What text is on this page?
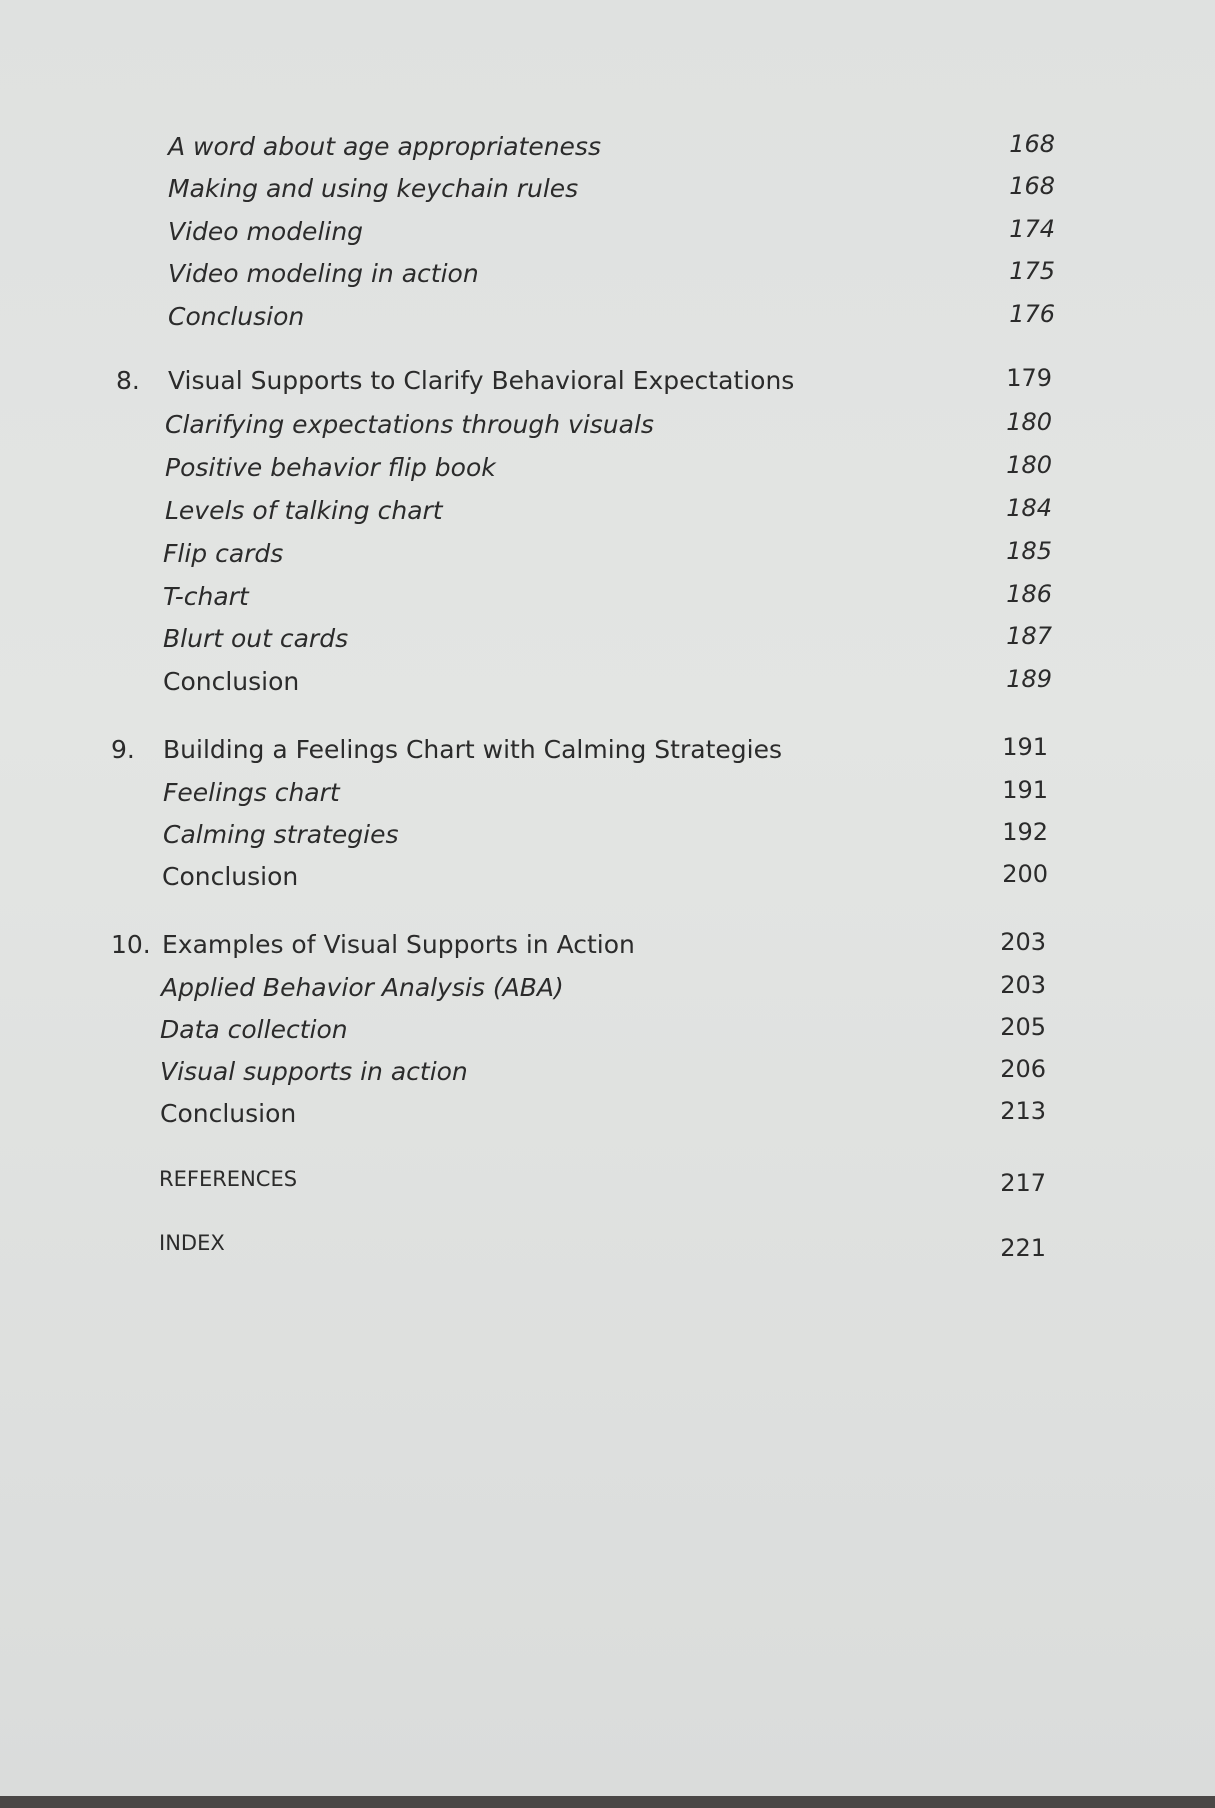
A word about age appropriateness	168
Making and using keychain rules	168
Video modeling	174
Video modeling in action	175
Conclusion	176
8. Visual Supports to Clarify Behavioral Expectations	179
Clarifying expectations through visuals	180
Positive behavior flip book	180
Levels of talking chart	184
Flip cards	185
T-chart	186
Blurt out cards	187
Conclusion	189
9. Building a Feelings Chart with Calming Strategies	191
Feelings chart	191
Calming strategies	192
Conclusion	200
10. Examples of Visual Supports in Action	203
Applied Behavior Analysis (ABA)	203
Data collection	205
Visual supports in action	206
Conclusion	213
REFERENCES	217
INDEX	221
